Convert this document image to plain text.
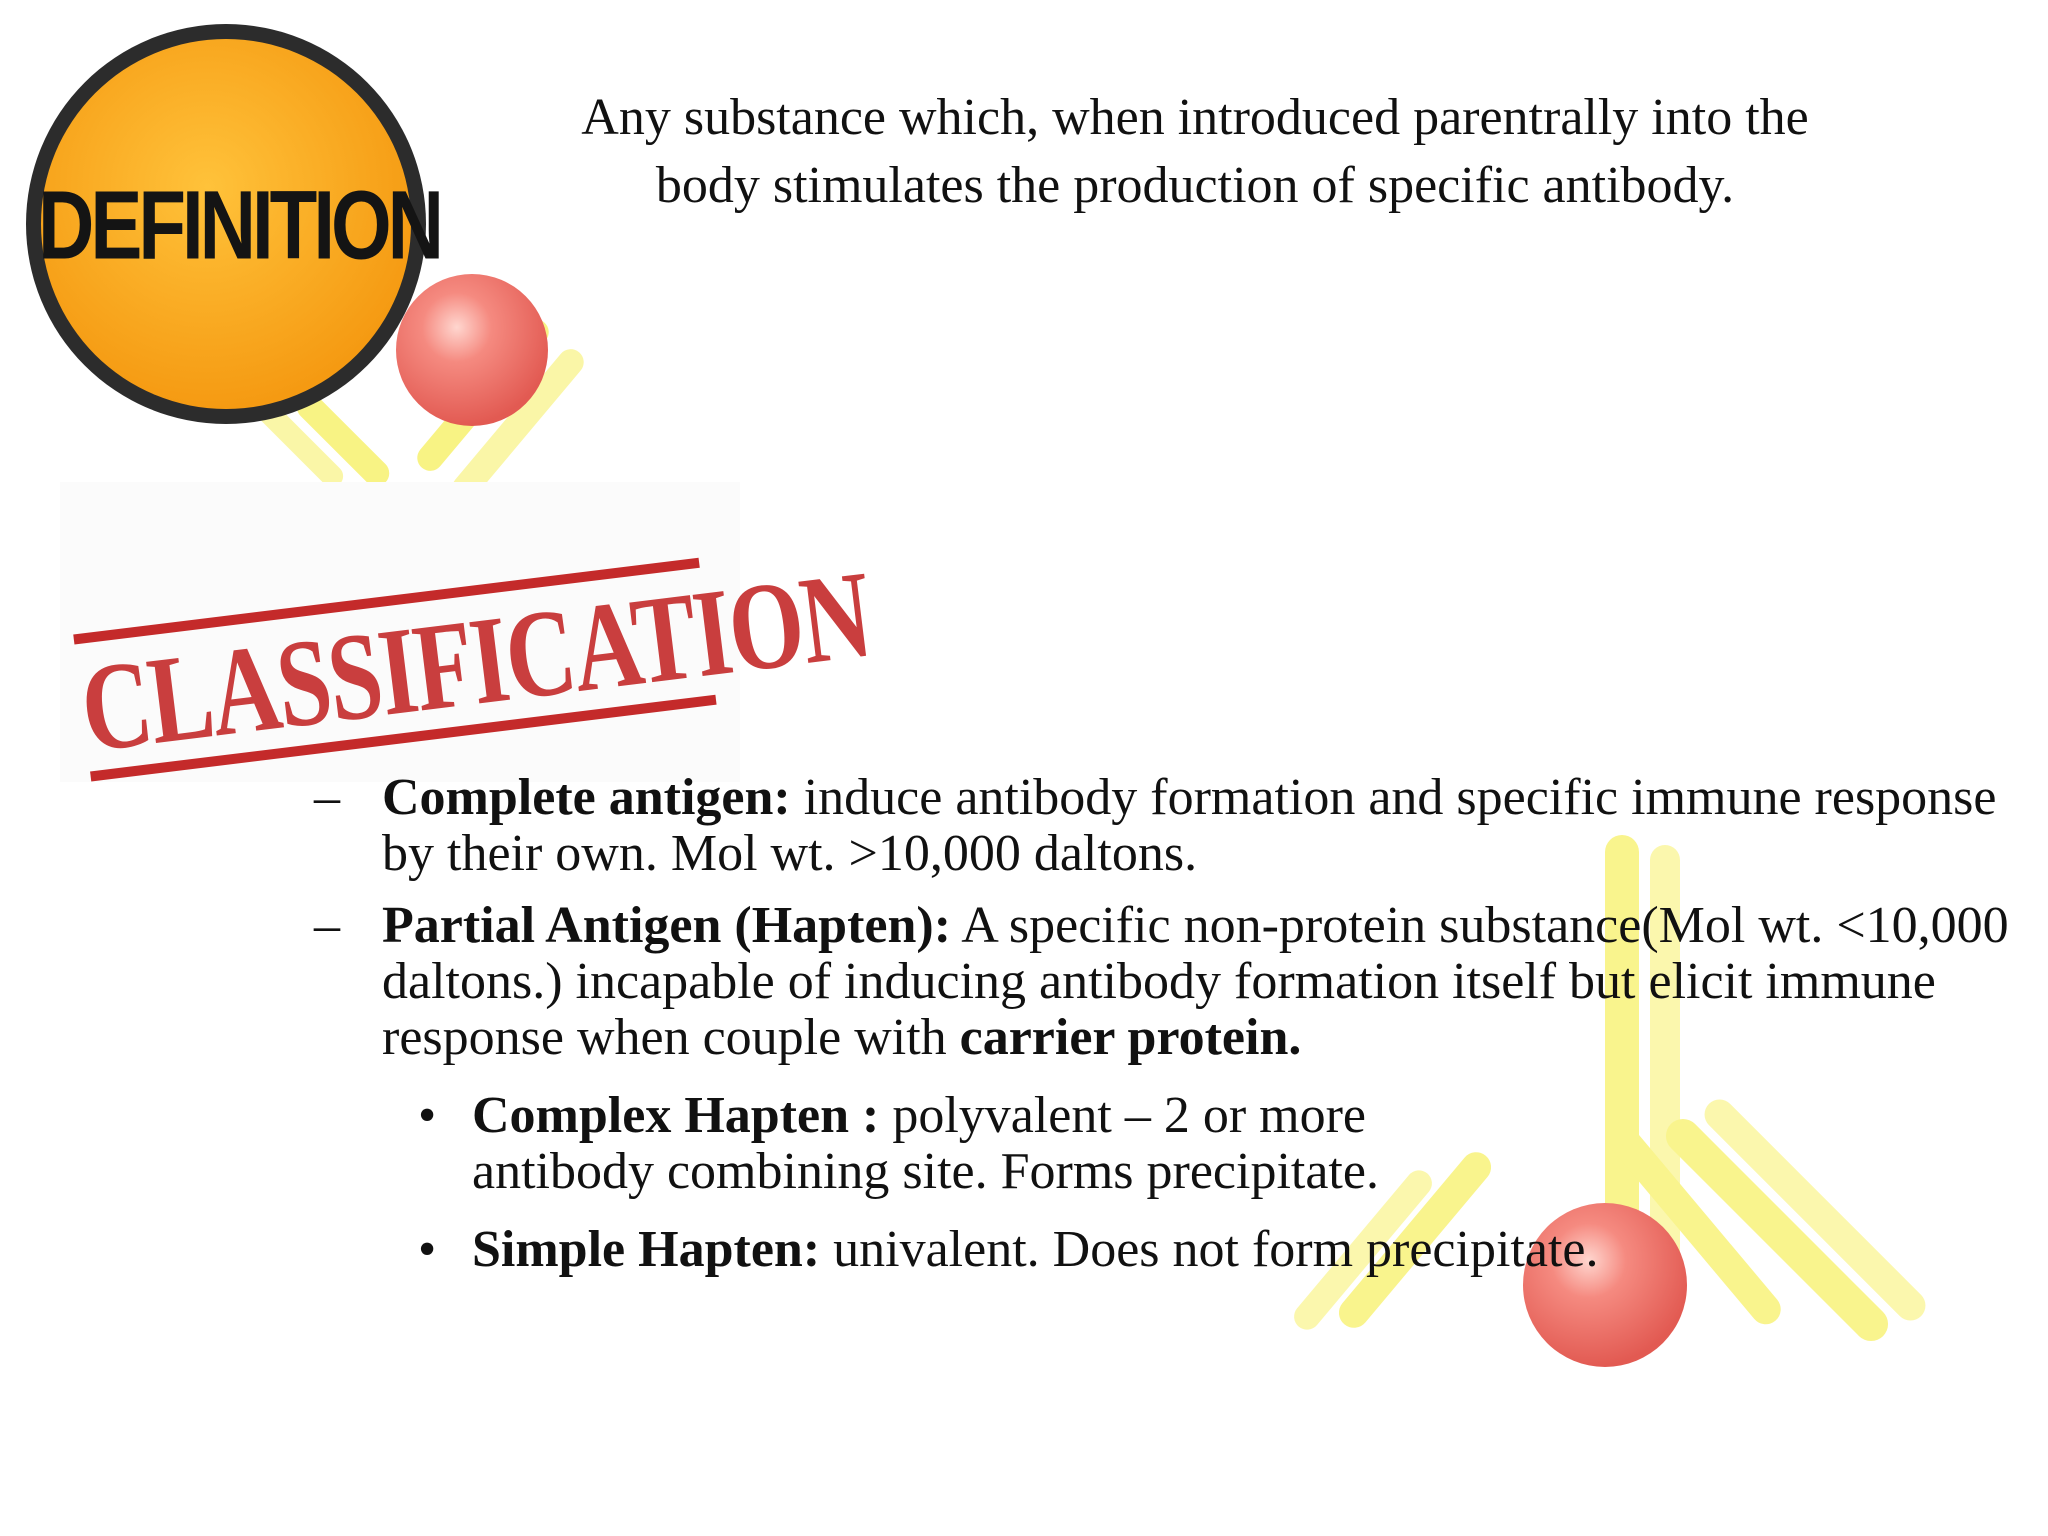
DEFINITION
CLASSIFICATION
Any substance which, when introduced parentrally into the
body stimulates the production of specific antibody.
– Complete antigen: induce antibody formation and specific immune response by their own. Mol wt. >10,000 daltons.
– Partial Antigen (Hapten): A specific non-protein substance(Mol wt. <10,000 daltons.) incapable of inducing antibody formation itself but elicit immune response when couple with carrier protein.
• Complex Hapten : polyvalent – 2 or more antibody combining site. Forms precipitate.
• Simple Hapten: univalent. Does not form precipitate.
